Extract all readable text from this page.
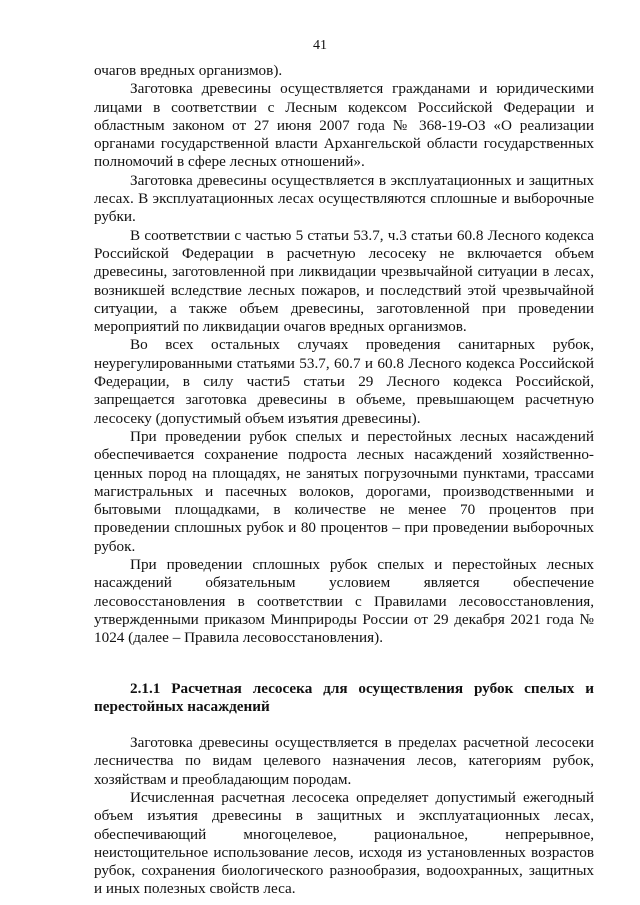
41

очагов вредных организмов).

Заготовка древесины осуществляется гражданами и юридическими лицами в соответствии с Лесным кодексом Российской Федерации и областным законом от 27 июня 2007 года № 368-19-ОЗ «О реализации органами государственной власти Архангельской области государственных полномочий в сфере лесных отношений».

Заготовка древесины осуществляется в эксплуатационных и защитных лесах. В эксплуатационных лесах осуществляются сплошные и выборочные рубки.

В соответствии с частью 5 статьи 53.7, ч.3 статьи 60.8 Лесного кодекса Российской Федерации в расчетную лесосеку не включается объем древесины, заготовленной при ликвидации чрезвычайной ситуации в лесах, возникшей вследствие лесных пожаров, и последствий этой чрезвычайной ситуации, а также объем древесины, заготовленной при проведении мероприятий по ликвидации очагов вредных организмов.

Во всех остальных случаях проведения санитарных рубок, неурегулированными статьями 53.7, 60.7 и 60.8 Лесного кодекса Российской Федерации, в силу части5 статьи 29 Лесного кодекса Российской, запрещается заготовка древесины в объеме, превышающем расчетную лесосеку (допустимый объем изъятия древесины).

При проведении рубок спелых и перестойных лесных насаждений обеспечивается сохранение подроста лесных насаждений хозяйственно-ценных пород на площадях, не занятых погрузочными пунктами, трассами магистральных и пасечных волоков, дорогами, производственными и бытовыми площадками, в количестве не менее 70 процентов при проведении сплошных рубок и 80 процентов – при проведении выборочных рубок.

При проведении сплошных рубок спелых и перестойных лесных насаждений обязательным условием является обеспечение лесовосстановления в соответствии с Правилами лесовосстановления, утвержденными приказом Минприроды России от 29 декабря 2021 года № 1024 (далее – Правила лесовосстановления).

2.1.1 Расчетная лесосека для осуществления рубок спелых и перестойных насаждений

Заготовка древесины осуществляется в пределах расчетной лесосеки лесничества по видам целевого назначения лесов, категориям рубок, хозяйствам и преобладающим породам.

Исчисленная расчетная лесосека определяет допустимый ежегодный объем изъятия древесины в защитных и эксплуатационных лесах, обеспечивающий многоцелевое, рациональное, непрерывное, неистощительное использование лесов, исходя из установленных возрастов рубок, сохранения биологического разнообразия, водоохранных, защитных и иных полезных свойств леса.
